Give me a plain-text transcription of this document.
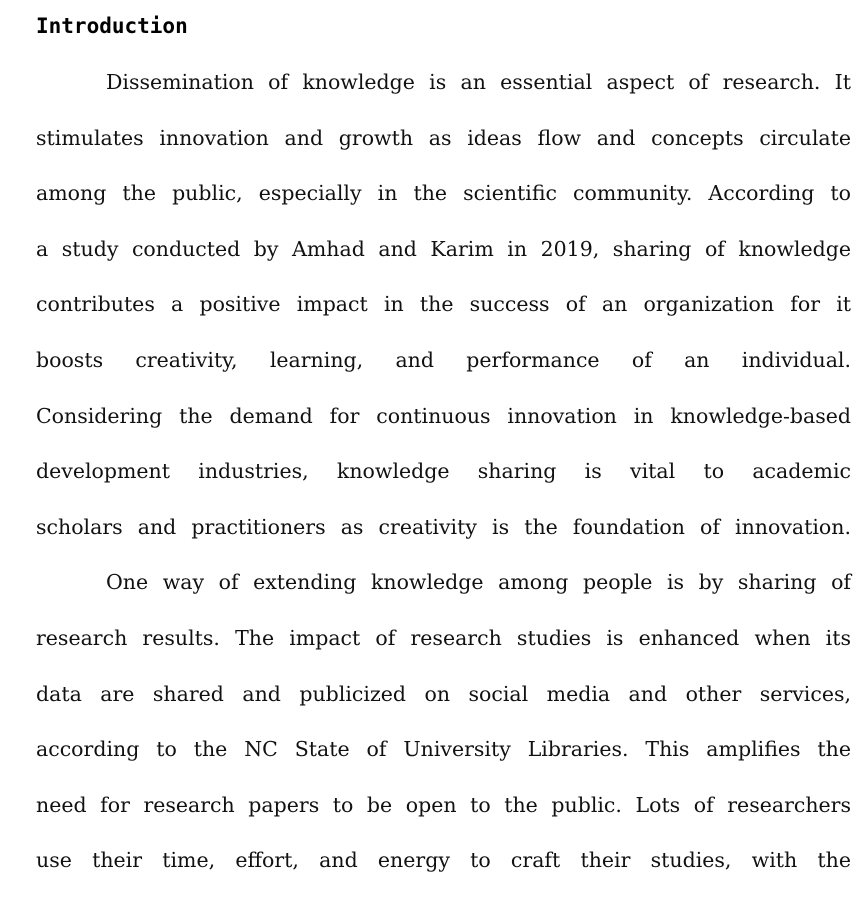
Introduction
Dissemination of knowledge is an essential aspect of research. It
stimulates innovation and growth as ideas flow and concepts circulate
among the public, especially in the scientific community. According to
a study conducted by Amhad and Karim in 2019, sharing of knowledge
contributes a positive impact in the success of an organization for it
boosts creativity, learning, and performance of an individual.
Considering the demand for continuous innovation in knowledge-based
development industries, knowledge sharing is vital to academic
scholars and practitioners as creativity is the foundation of innovation.
One way of extending knowledge among people is by sharing of
research results. The impact of research studies is enhanced when its
data are shared and publicized on social media and other services,
according to the NC State of University Libraries. This amplifies the
need for research papers to be open to the public. Lots of researchers
use their time, effort, and energy to craft their studies, with the
